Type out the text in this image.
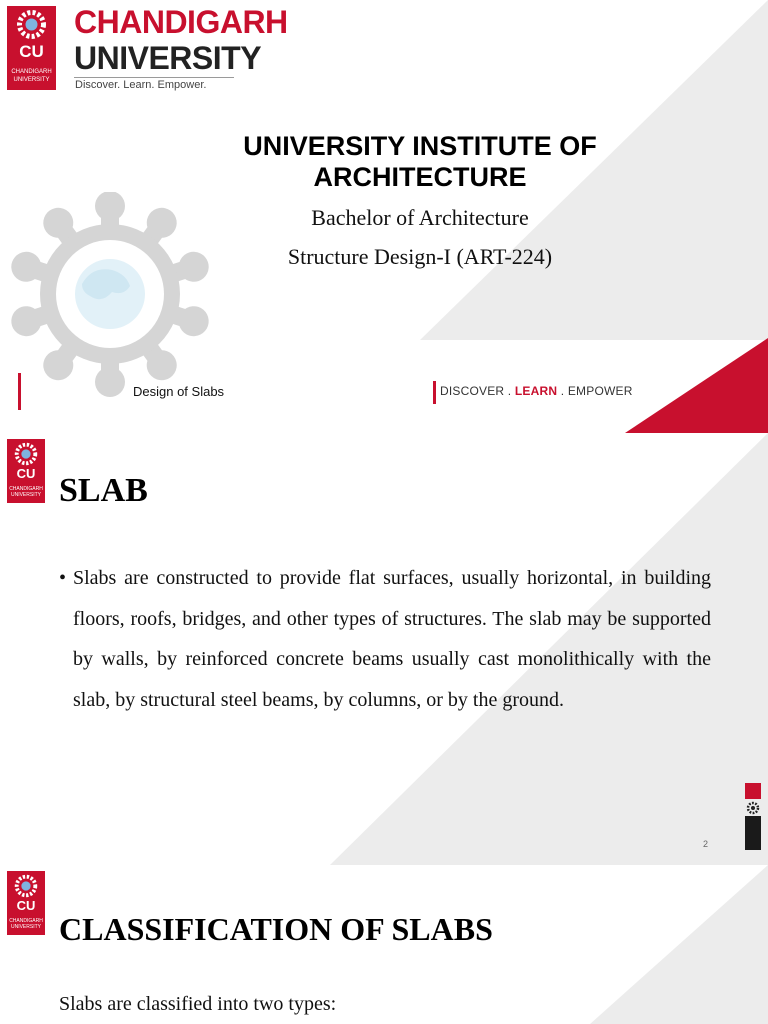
CU
CHANDIGARH
UNIVERSITY
CHANDIGARH
UNIVERSITY
Discover. Learn. Empower.
UNIVERSITY INSTITUTE OF ARCHITECTURE
Bachelor of Architecture
Structure Design-I (ART-224)
Design of Slabs	DISCOVER . LEARN . EMPOWER
CU
CHANDIGARH
UNIVERSITY SLAB
• Slabs are constructed to provide flat surfaces, usually horizontal, in building floors, roofs, bridges, and other types of structures. The slab may be supported by walls, by reinforced concrete beams usually cast monolithically with the slab, by structural steel beams, by columns, or by the ground.
2
CU
CHANDIGARH
UNIVERSITY CLASSIFICATION OF SLABS
Slabs are classified into two types:
